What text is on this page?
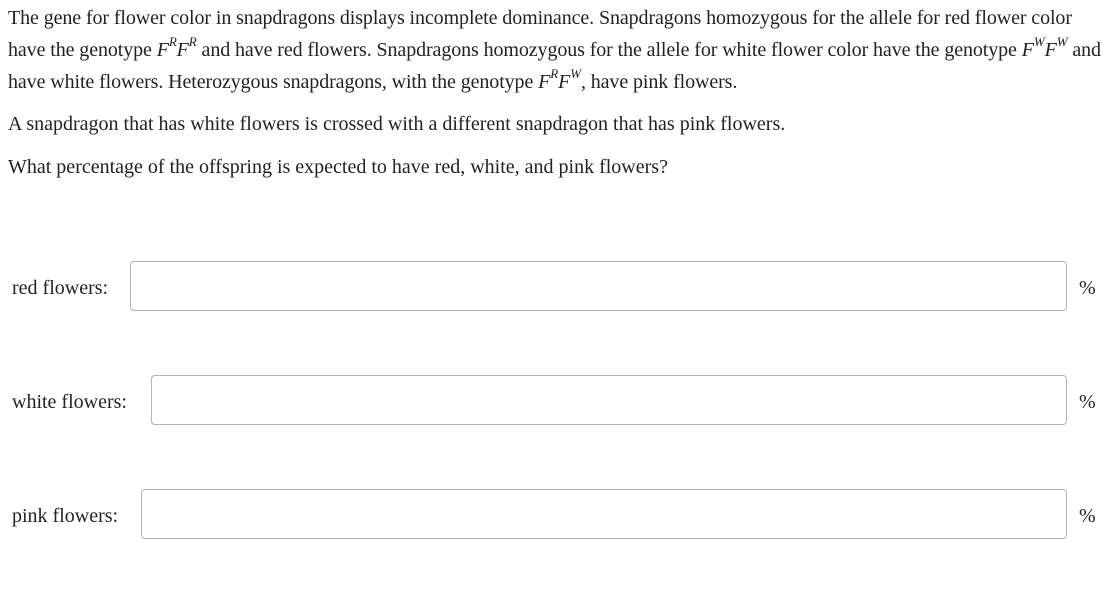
The gene for flower color in snapdragons displays incomplete dominance. Snapdragons homozygous for the allele for red flower color have the genotype $F^RF^R$ and have red flowers. Snapdragons homozygous for the allele for white flower color have the genotype $F^WF^W$ and have white flowers. Heterozygous snapdragons, with the genotype $F^RF^W$, have pink flowers.

A snapdragon that has white flowers is crossed with a different snapdragon that has pink flowers.

What percentage of the offspring is expected to have red, white, and pink flowers?

red flowers:	%
white flowers:	%
pink flowers:	%
